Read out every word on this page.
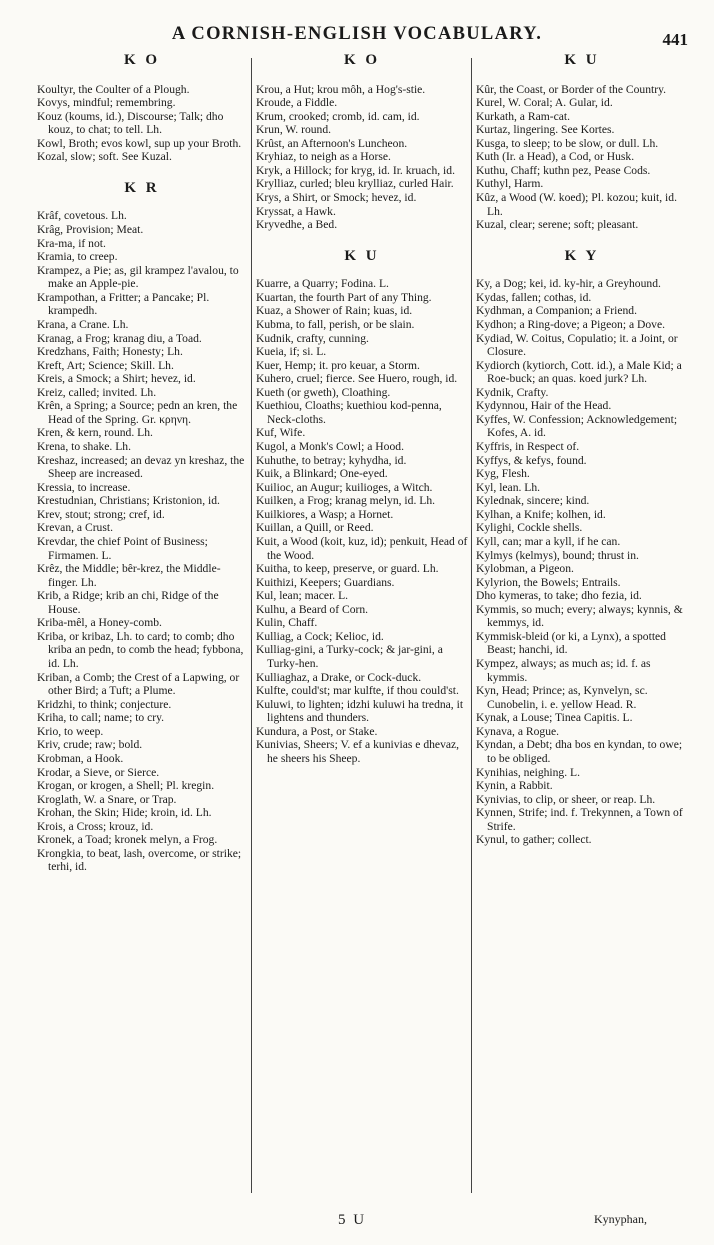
A CORNISH-ENGLISH VOCABULARY.	441
K O

Koultyr, the Coulter of a Plough.

Kovys, mindful; remembring.

Kouz (koums, id.), Discourse; Talk; dho kouz, to chat; to tell. Lh.

Kowl, Broth; evos kowl, sup up your Broth.

Kozal, slow; soft. See Kuzal.

K R

Krâf, covetous. Lh.

Krâg, Provision; Meat.

Kra-ma, if not.

Kramia, to creep.

Krampez, a Pie; as, gil krampez l'avalou, to make an Apple-pie.

Krampothan, a Fritter; a Pancake; Pl. krampedh.

Krana, a Crane. Lh.

Kranag, a Frog; kranag diu, a Toad.

Kredzhans, Faith; Honesty; Lh.

Kreft, Art; Science; Skill. Lh.

Kreis, a Smock; a Shirt; hevez, id.

Kreiz, called; invited. Lh.

Krên, a Spring; a Source; pedn an kren, the Head of the Spring. Gr. κρηνη.

Kren, & kern, round. Lh.

Krena, to shake. Lh.

Kreshaz, increased; an devaz yn kreshaz, the Sheep are increased.

Kressia, to increase.

Krestudnian, Christians; Kristonion, id.

Krev, stout; strong; cref, id.

Krevan, a Crust.

Krevdar, the chief Point of Business; Firmamen. L.

Krêz, the Middle; bêr-krez, the Middle-finger. Lh.

Krib, a Ridge; krib an chi, Ridge of the House.

Kriba-mêl, a Honey-comb.

Kriba, or kribaz, Lh. to card; to comb; dho kriba an pedn, to comb the head; fybbona, id. Lh.

Kriban, a Comb; the Crest of a Lapwing, or other Bird; a Tuft; a Plume.

Kridzhi, to think; conjecture.

Kriha, to call; name; to cry.

Krio, to weep.

Kriv, crude; raw; bold.

Krobman, a Hook.

Krodar, a Sieve, or Sierce.

Krogan, or krogen, a Shell; Pl. kregin.

Kroglath, W. a Snare, or Trap.

Krohan, the Skin; Hide; kroin, id. Lh.

Krois, a Cross; krouz, id.

Kronek, a Toad; kronek melyn, a Frog.

Krongkia, to beat, lash, overcome, or strike; terhi, id.

K O

Krou, a Hut; krou môh, a Hog's-stie.

Kroude, a Fiddle.

Krum, crooked; cromb, id. cam, id.

Krun, W. round.

Krûst, an Afternoon's Luncheon.

Kryhiaz, to neigh as a Horse.

Kryk, a Hillock; for kryg, id. Ir. kruach, id.

Krylliaz, curled; bleu krylliaz, curled Hair.

Krys, a Shirt, or Smock; hevez, id.

Kryssat, a Hawk.

Kryvedhe, a Bed.

K U

Kuarre, a Quarry; Fodina. L.

Kuartan, the fourth Part of any Thing.

Kuaz, a Shower of Rain; kuas, id.

Kubma, to fall, perish, or be slain.

Kudnik, crafty, cunning.

Kueia, if; si. L.

Kuer, Hemp; it. pro keuar, a Storm.

Kuhero, cruel; fierce. See Huero, rough, id.

Kueth (or gweth), Cloathing.

Kuethiou, Cloaths; kuethiou kod-penna, Neck-cloths.

Kuf, Wife.

Kugol, a Monk's Cowl; a Hood.

Kuhuthe, to betray; kyhydha, id.

Kuik, a Blinkard; One-eyed.

Kuilioc, an Augur; kuilioges, a Witch.

Kuilken, a Frog; kranag melyn, id. Lh.

Kuilkiores, a Wasp; a Hornet.

Kuillan, a Quill, or Reed.

Kuit, a Wood (koit, kuz, id); penkuit, Head of the Wood.

Kuitha, to keep, preserve, or guard. Lh.

Kuithizi, Keepers; Guardians.

Kul, lean; macer. L.

Kulhu, a Beard of Corn.

Kulin, Chaff.

Kulliag, a Cock; Kelioc, id.

Kulliag-gini, a Turky-cock; & jar-gini, a Turky-hen.

Kulliaghaz, a Drake, or Cock-duck.

Kulfte, could'st; mar kulfte, if thou could'st.

Kuluwi, to lighten; idzhi kuluwi ha tredna, it lightens and thunders.

Kundura, a Post, or Stake.

Kunivias, Sheers; V. ef a kunivias e dhevaz, he sheers his Sheep.

K U

Kûr, the Coast, or Border of the Country.

Kurel, W. Coral; A. Gular, id.

Kurkath, a Ram-cat.

Kurtaz, lingering. See Kortes.

Kusga, to sleep; to be slow, or dull. Lh.

Kuth (Ir. a Head), a Cod, or Husk.

Kuthu, Chaff; kuthn pez, Pease Cods.

Kuthyl, Harm.

Kûz, a Wood (W. koed); Pl. kozou; kuit, id. Lh.

Kuzal, clear; serene; soft; pleasant.

K Y

Ky, a Dog; kei, id. ky-hir, a Greyhound.

Kydas, fallen; cothas, id.

Kydhman, a Companion; a Friend.

Kydhon; a Ring-dove; a Pigeon; a Dove.

Kydiad, W. Coitus, Copulatio; it. a Joint, or Closure.

Kydiorch (kytiorch, Cott. id.), a Male Kid; a Roe-buck; an quas. koed jurk? Lh.

Kydnik, Crafty.

Kydynnou, Hair of the Head.

Kyffes, W. Confession; Acknowledgement; Kofes, A. id.

Kyffris, in Respect of.

Kyffys, & kefys, found.

Kyg, Flesh.

Kyl, lean. Lh.

Kylednak, sincere; kind.

Kylhan, a Knife; kolhen, id.

Kylighi, Cockle shells.

Kyll, can; mar a kyll, if he can.

Kylmys (kelmys), bound; thrust in.

Kylobman, a Pigeon.

Kylyrion, the Bowels; Entrails.

Dho kymeras, to take; dho fezia, id.

Kymmis, so much; every; always; kynnis, & kemmys, id.

Kymmisk-bleid (or ki, a Lynx), a spotted Beast; hanchi, id.

Kympez, always; as much as; id. f. as kymmis.

Kyn, Head; Prince; as, Kynvelyn, sc. Cunobelin, i. e. yellow Head. R.

Kynak, a Louse; Tinea Capitis. L.

Kynava, a Rogue.

Kyndan, a Debt; dha bos en kyndan, to owe; to be obliged.

Kynihias, neighing. L.

Kynin, a Rabbit.

Kynivias, to clip, or sheer, or reap. Lh.

Kynnen, Strife; ind. f. Trekynnen, a Town of Strife.

Kynul, to gather; collect.

5 U	Kynyphan,
